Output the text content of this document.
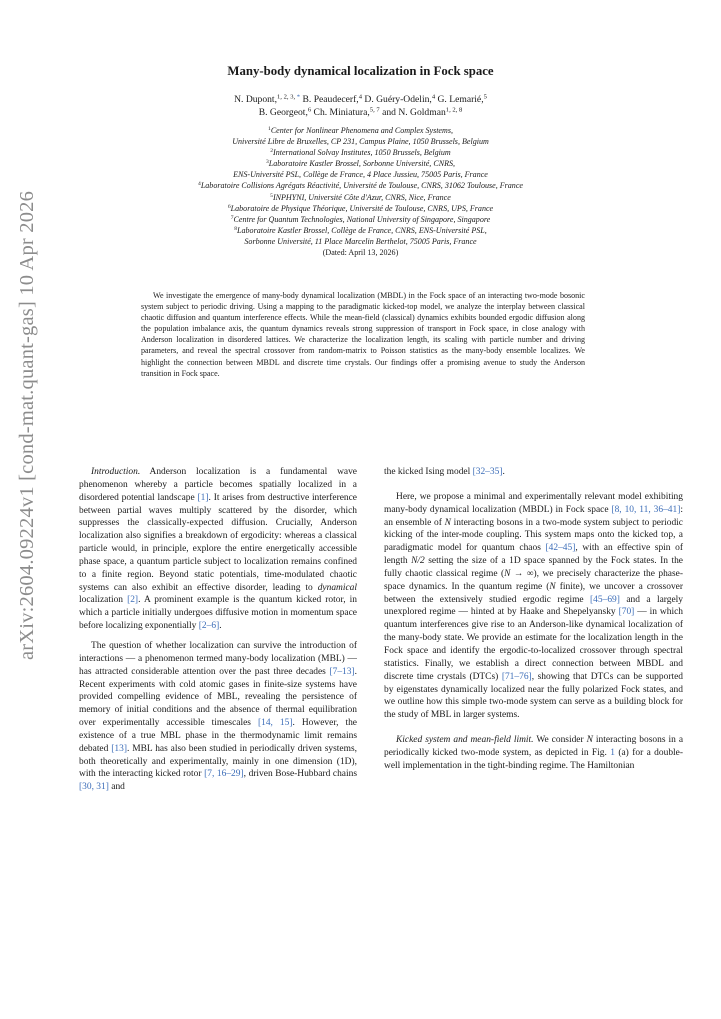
arXiv:2604.09224v1 [cond-mat.quant-gas] 10 Apr 2026
Many-body dynamical localization in Fock space
N. Dupont,$^{1, 2, 3, *}$ B. Peaudecerf,$^4$ D. Guéry-Odelin,$^4$ G. Lemarié,$^5$
B. Georgeot,$^6$ Ch. Miniatura,$^{5, 7}$ and N. Goldman$^{1, 2, 8}$
$^1$Center for Nonlinear Phenomena and Complex Systems,
Université Libre de Bruxelles, CP 231, Campus Plaine, 1050 Brussels, Belgium
$^2$International Solvay Institutes, 1050 Brussels, Belgium
$^3$Laboratoire Kastler Brossel, Sorbonne Université, CNRS,
ENS-Université PSL, Collège de France, 4 Place Jussieu, 75005 Paris, France
$^4$Laboratoire Collisions Agrégats Réactivité, Université de Toulouse, CNRS, 31062 Toulouse, France
$^5$INPHYNI, Université Côte d'Azur, CNRS, Nice, France
$^6$Laboratoire de Physique Théorique, Université de Toulouse, CNRS, UPS, France
$^7$Centre for Quantum Technologies, National University of Singapore, Singapore
$^8$Laboratoire Kastler Brossel, Collège de France, CNRS, ENS-Université PSL,
Sorbonne Université, 11 Place Marcelin Berthelot, 75005 Paris, France
(Dated: April 13, 2026)
We investigate the emergence of many-body dynamical localization (MBDL) in the Fock space of an interacting two-mode bosonic system subject to periodic driving. Using a mapping to the paradigmatic kicked-top model, we analyze the interplay between classical chaotic diffusion and quantum interference effects. While the mean-field (classical) dynamics exhibits bounded ergodic diffusion along the population imbalance axis, the quantum dynamics reveals strong suppression of transport in Fock space, in close analogy with Anderson localization in disordered lattices. We characterize the localization length, its scaling with particle number and driving parameters, and reveal the spectral crossover from random-matrix to Poisson statistics as the many-body ensemble localizes. We highlight the connection between MBDL and discrete time crystals. Our findings offer a promising avenue to study the Anderson transition in Fock space.

Introduction. Anderson localization is a fundamental wave phenomenon whereby a particle becomes spatially localized in a disordered potential landscape [1]. It arises from destructive interference between partial waves multiply scattered by the disorder, which suppresses the classically-expected diffusion. Crucially, Anderson localization also signifies a breakdown of ergodicity: whereas a classical particle would, in principle, explore the entire energetically accessible phase space, a quantum particle subject to localization remains confined to a finite region. Beyond static potentials, time-modulated chaotic systems can also exhibit an effective disorder, leading to dynamical localization [2]. A prominent example is the quantum kicked rotor, in which a particle initially undergoes diffusive motion in momentum space before localizing exponentially [2–6].

The question of whether localization can survive the introduction of interactions — a phenomenon termed many-body localization (MBL) — has attracted considerable attention over the past three decades [7–13]. Recent experiments with cold atomic gases in finite-size systems have provided compelling evidence of MBL, revealing the persistence of memory of initial conditions and the absence of thermal equilibration over experimentally accessible timescales [14, 15]. However, the existence of a true MBL phase in the thermodynamic limit remains debated [13]. MBL has also been studied in periodically driven systems, both theoretically and experimentally, mainly in one dimension (1D), with the interacting kicked rotor [7, 16–29], driven Bose-Hubbard chains [30, 31] and

the kicked Ising model [32–35].

Here, we propose a minimal and experimentally relevant model exhibiting many-body dynamical localization (MBDL) in Fock space [8, 10, 11, 36–41]: an ensemble of N interacting bosons in a two-mode system subject to periodic kicking of the inter-mode coupling. This system maps onto the kicked top, a paradigmatic model for quantum chaos [42–45], with an effective spin of length N/2 setting the size of a 1D space spanned by the Fock states. In the fully chaotic classical regime (N → ∞), we precisely characterize the phase-space dynamics. In the quantum regime (N finite), we uncover a crossover between the extensively studied ergodic regime [45–69] and a largely unexplored regime — hinted at by Haake and Shepelyansky [70] — in which quantum interferences give rise to an Anderson-like dynamical localization of the many-body state. We provide an estimate for the localization length in the Fock space and identify the ergodic-to-localized crossover through spectral statistics. Finally, we establish a direct connection between MBDL and discrete time crystals (DTCs) [71–76], showing that DTCs can be supported by eigenstates dynamically localized near the fully polarized Fock states, and we outline how this simple two-mode system can serve as a building block for the study of MBL in larger systems.

Kicked system and mean-field limit. We consider N interacting bosons in a periodically kicked two-mode system, as depicted in Fig. 1 (a) for a double-well implementation in the tight-binding regime. The Hamiltonian
